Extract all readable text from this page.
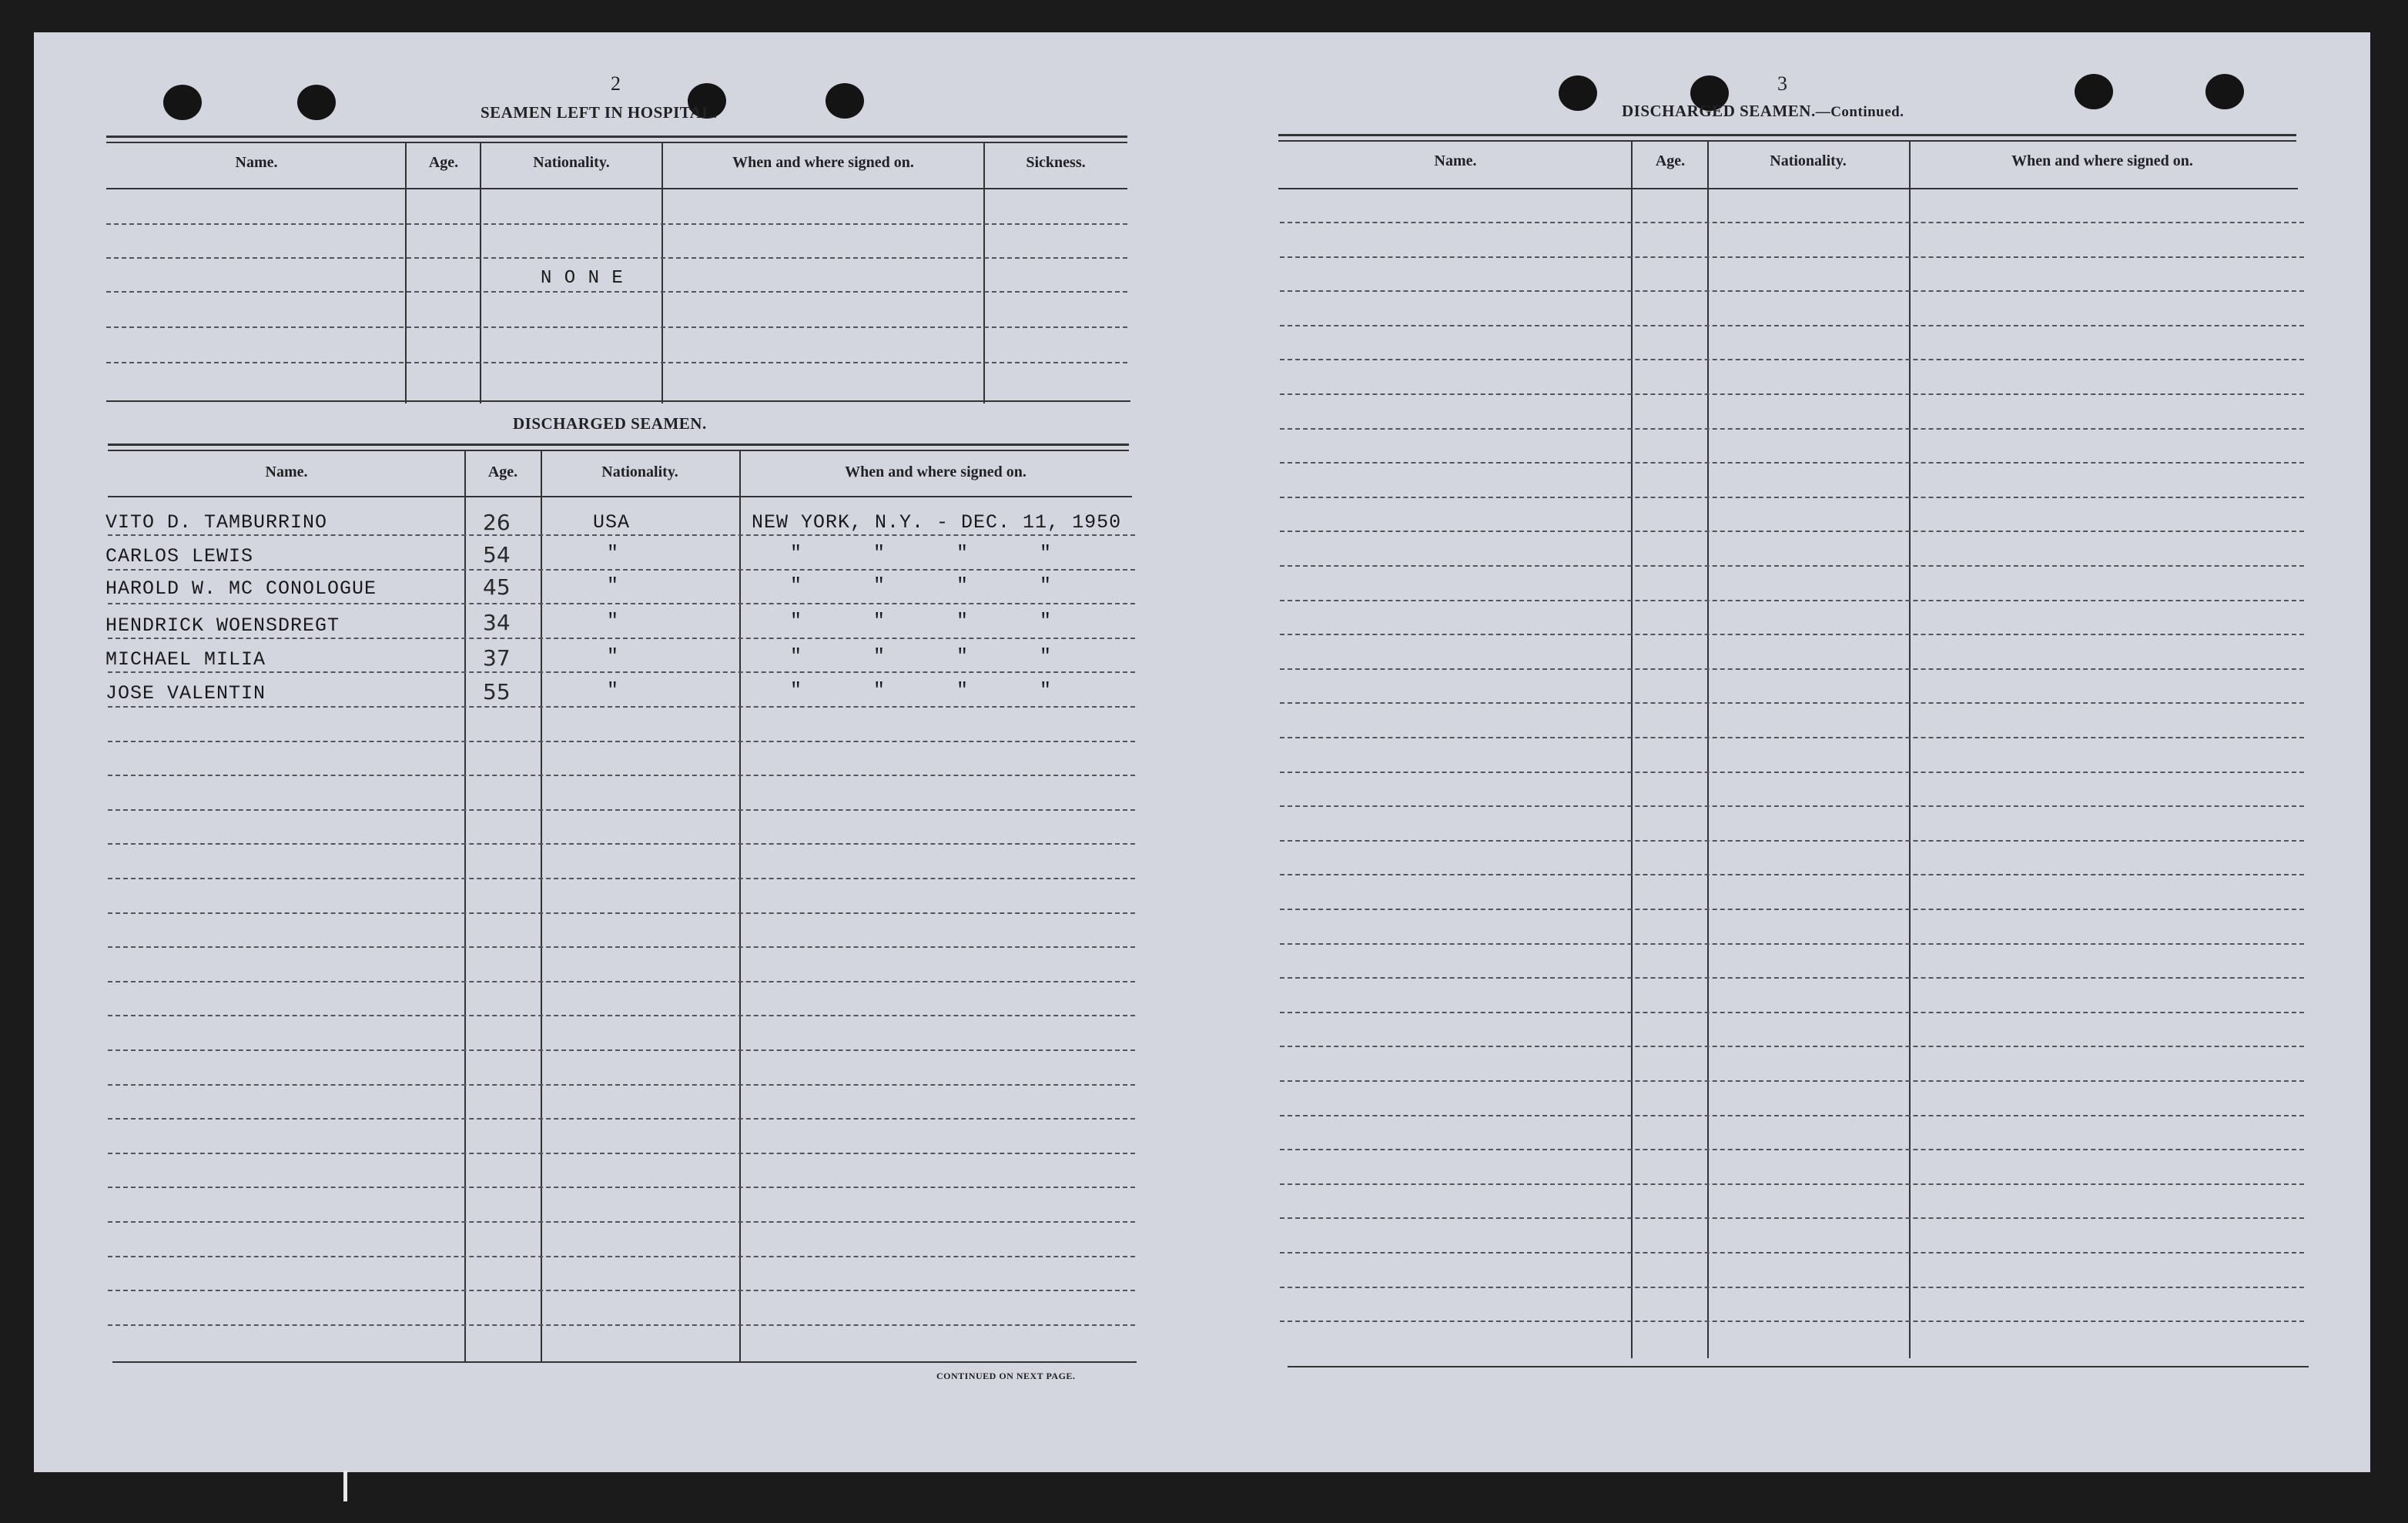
2
SEAMEN LEFT IN HOSPITAL.
Name.	Age.	Nationality.	When and where signed on.	Sickness.
N O N E
DISCHARGED SEAMEN.
Name.	Age.	Nationality.	When and where signed on.
VITO D. TAMBURRINO	26	USA	NEW YORK, N.Y. - DEC. 11, 1950
CARLOS LEWIS	54	"	" " " "
HAROLD W. MC CONOLOGUE	45	"	" " " "
HENDRICK WOENSDREGT	34	"	" " " "
MICHAEL MILIA	37	"	" " " "
JOSE VALENTIN	55	"	" " " "
CONTINUED ON NEXT PAGE.
3
DISCHARGED SEAMEN.—Continued.
Name.	Age.	Nationality.	When and where signed on.
